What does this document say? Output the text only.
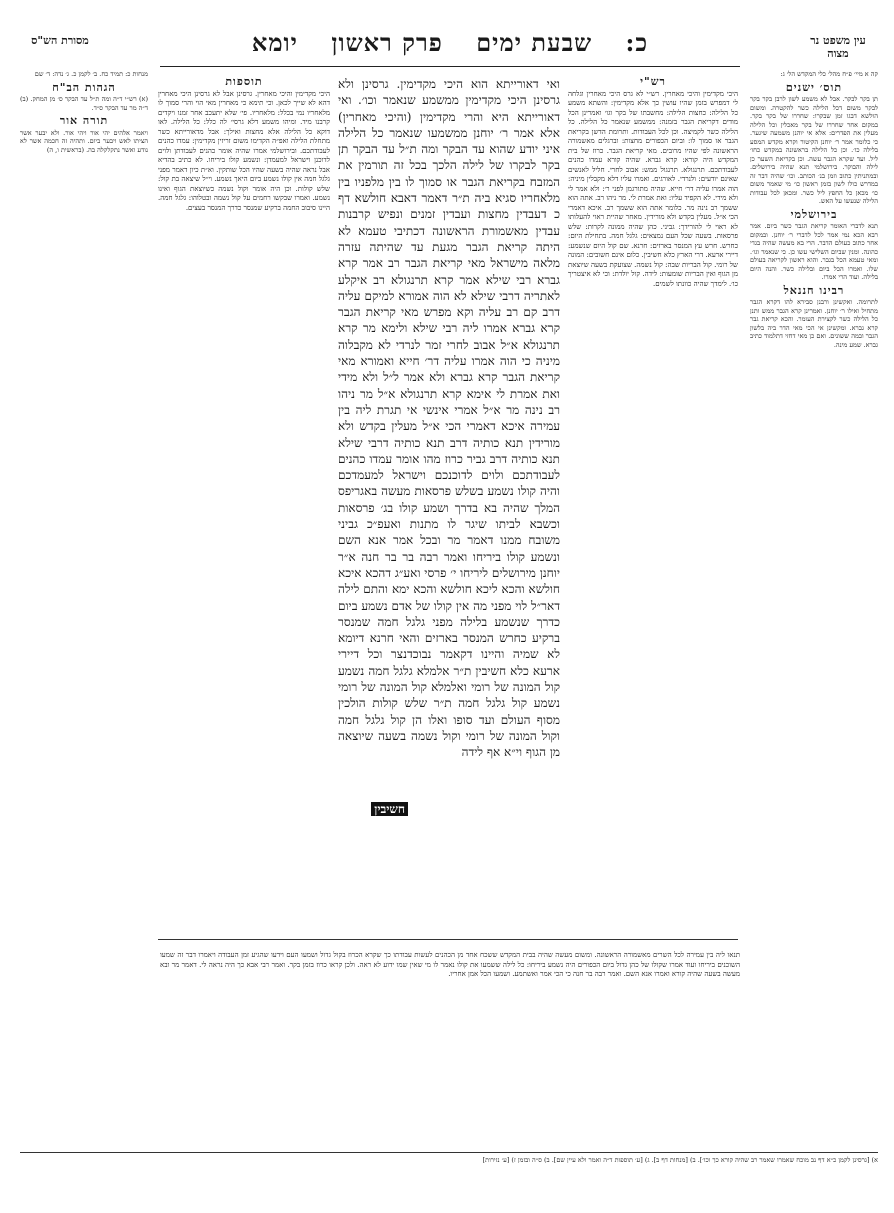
עין משפט נר מצוה
כ: שבעת ימים פרק ראשון יומא
מסורת הש"ס

קה א מיי׳ פ״ח מהל׳ כלי המקדש הל׳ ג:

תוס׳ ישנים

תן בקר לבקר. אבל לא משמע לשון לרבן בקר בקר לבקר משום דכל הלילה כשר להקטרה. ומשום הולשא דבגו זמן שבקרו: שחררו של בקר בקר. במקום אחר שחררו של בקר מאכלין וכל הלילה מעלין את הפדרים: אלא אי יוהנן משמעה שיגער. כי כלומר אמר ר׳ יוחנן הקיטור וקרא מקדש המסע בלילה כו׳. וכן כל הלילה בראשונה במקדש כחו׳ ליל. ועד שקרא הגבר עשה. וכן בקריאת השער כן לילה והבוקר. בירושלמי תנא שהיה בירושלים. ובמתניתין כתוב וזמן בנ׳ הכותב. וכו׳ שהיה דבר זה במדרש כולו לשון בזמן ראשון כו׳ מי שאמר משום כו׳ מכאן כל החפץ ליל כשר. ומכאן לכל עבודות הלילה שנעשו על האש.

בירושלמי

תנא לדברי האומר קריאת הגבר כשר ביום. אמר רבא הכא נמי אמר לכל לדברי ר׳ יוחנן. ובמקום אחר כתוב כעולם הדבר. הרי בא מעשה שהיה בגדי כהונה. ומנין שביום השלישי עשו כן. כי שנאמר וגו׳. ומאי טעמא הכל בגבר. והוא ראשון לקריאה בעולם שלו. ואמרו הכל ביום ובלילה כשר. והנה היום בלילה. ועוד הרי אמרו.

רבינו חננאל

לתרומה. ואקשינן ורבנן סבירא להו דקרא הגבר מתחיל ואילו ר׳ יוחנן. ואמרינן קרא הגבר ממש ותנן כל הלילה כשר לקצירת העומר. והכא קריאת גבר קרא גברא. ומקשינן אי הכי מאי הדר ביה בלשון הגבר ובמה ששונים. ואם כן מאי דחזי דתלמוד כתיב גברא. שמע מינה.

רש"י

היכי מקדימין והיכי מאחרין. רש״י לא גרס היכי מאחרין וגלחה לי דמפרש בזמן שהיו עושין כך אלא מקדימין: והשתא משמע כל הלילה: כחצות הלילה: מחשבתו של בקר וגו׳ ואמרינן הכל מודים דקריאת הגבר בזמנה: ממשמע שנאמר כל הלילה. כל הלילה כשר לקמיצה. וכן לכל העבודות. ותרומת הדשן בקריאת הגבר או סמוך לו: וביום הכפורים מחצות: וברגלים מאשמורה הראשונה לפי שהיו מרובים. מאי קריאת הגבר. כרוז של בית המקדש היה קורא: קרא גברא. שהיה קורא עמדו כהנים לעבודתכם. תרנגולא. תרנגול ממש: אבוב לחרי. חליל לאנשים שאינם יודעים: ולנרדי. לאורגים. ואמרו עליו דלא מקבלין מיניה: הוה אמרו עליה דר׳ חייא. שהיה מתורגמן לפני ר׳: ולא אמר לי ולא מידי. לא הקפיד עליו: ואת אמרת לי. מר ניהו רב. אתה הוא ששמך רב נינה מר. כלומר אתה הוא ששמך רב. איכא דאמרי הכי א״ל. מעלין בקדש ולא מורידין. מאחר שהיית ראוי להעלותו לא ראוי לי להורידך: גביני. כהן שהיה ממונה לקרות: שלש פרסאות. בשעה שכל העם נמצאים: גלגל חמה. בתחילת היום: כחרש. חרש עץ המנסר בארזים: חרנא. שם קול היום שנשמע: דיירי ארעא. דרי הארץ כלא חשיבין. כלום אינם חשובים: המונה של רומי. קול הבריות שבה: קול נשמה. שצועקת בשעה שיוצאת מן הגוף ואין הבריות שומעות: לידה. קול יולדת: וכי לא איצטריך כו׳. לימדך שהיה כוונתו לשמים.

ואי דאורייתא הוא היכי מקדימין. גרסינן ולא גרסינן היכי מקדימין ממשמע שנאמר וכו׳. ואי דאורייתא היא והרי מקדימין (והיכי מאחרין) אלא אמר ר׳ יוחנן ממשמעו שנאמר כל הלילה איני יודע שהוא עד הבקר ומה ת״ל עד הבקר תן בקר לבקרו של לילה הלכך בכל זה תורמין את המזבח בקריאת הגבר או סמוך לו בין מלפניו בין מלאחריו סגיא ביה ת״ר דאמר דאבא חולשא דף כ דעבדין מחצות ועבדין זמנים ונפיש קרבנות עבדין מאשמורת הראשונה דכתיבי טעמא לא היתה קריאת הגבר מגעת עד שהיתה עזרה מלאה מישראל מאי קריאת הגבר רב אמר קרא גברא רבי שילא אמר קרא תרנגולא רב איקלע לאתריה דרבי שילא לא הוה אמורא למיקם עליה דרב קם רב עליה וקא מפרש מאי קריאת הגבר קרא גברא אמרו ליה רבי שילא ולימא מר קרא תרנגולא א״ל אבוב לחרי זמר לנרדי לא מקבלוה מיניה כי הוה אמרו עליה דר׳ חייא ואמורא מאי קריאת הגבר קרא גברא ולא אמר ל״ל ולא מידי ואת אמרת לי אימא קרא תרנגולא א״ל מר ניהו רב נינה מר א״ל אמרי אינשי אי תגרת ליה בין עמירה איכא דאמרי הכי א״ל מעלין בקדש ולא מורידין תנא כותיה דרב תנא כותיה דרבי שילא תנא כותיה דרב גביר כרוז מהו אומר עמדו כהנים לעבודתכם ולוים לדוכנכם וישראל למעמדכם והיה קולו נשמע בשלש פרסאות מעשה באגריפס המלך שהיה בא בדרך ושמע קולו בג׳ פרסאות וכשבא לביתו שיגר לו מתנות ואעפ״כ גביני משובח ממנו דאמר מר ובכל אמר אנא השם ונשמע קולו ביריחו ואמר רבה בר בר חנה א״ר יוחנן מירושלים ליריחו י׳ פרסי ואע״ג דהכא איכא חולשא והכא ליכא חולשא והכא ימא והתם לילה דאר״ל לוי מפני מה אין קולו של אדם נשמע ביום כדרך שנשמע בלילה מפני גלגל חמה שמנסר ברקיע כחרש המנסר בארזים והאי חרנא דיומא לא שמיה והיינו דקאמר נבוכדנצר וכל דיירי ארעא כלא חשיבין ת״ר אלמלא גלגל חמה נשמע קול המונה של רומי ואלמלא קול המונה של רומי נשמע קול גלגל חמה ת״ר שלש קולות הולכין מסוף העולם ועד סופו ואלו הן קול גלגל חמה וקול המונה של רומי וקול נשמה בשעה שיוצאה מן הגוף וי״א אף לידה

חשיבין
תוספות

היכי מקדימין והיכי מאחרין. גרסינן אבל לא גרסינן היכי מאחרין דהא לא שייך לכאן. וכי תימא כי מאחרין מאי הוי והרי סמוך לו מלאחריו נמי בכלל: מלאחריו. פי׳ שלא יתעכב אחר זמנו ויקדים קרבנו מיד. ומיהו משמע דלא גרסי׳ לה כלל: כל הלילה. לאו דוקא כל הלילה אלא מחצות ואילך: אבל מדאורייתא כשר מתחלת הלילה ואפ״ה הקדימו משום זריזין מקדימין: עמדו כהנים לעבודתכם. ובירושלמי אמרו שהיה אומר כהנים לעבודתן ולוים לדוכנן וישראל למעמדן: ונשמע קולו ביריחו. לא כתיב בהדיא אבל נראה שהיה בשעה שהיו הכל שותקין. וא״ת כיון דאמר מפני גלגל חמה אין קולו נשמע ביום היאך נשמע. וי״ל שיצאה בת קול: שלש קולות. וכן היה אומר וקול נשמה כשיוצאת הגוף ואינו נשמע. ואמרו שבקשו רחמים על קול נשמה ובטלוהו: גלגל חמה. היינו סיבוב החמה ברקיע שמנסר כדרך המנסר בעצים.

מנחות כ: תמיד כח. ב׳ לקמן כ. ג׳ נדה: ד׳ שם

הגהות הב"ח

(א) רש״י ד״ה ומה ת״ל עד הבקר ס׳ מן המחק. (ב) ד״ה מר עד הבקר ס״ד.

תורה אור

ויאמר אלהים יהי אור ויהי אור. ולא יבער אשר הציתו לאש ויבער ביום. ותהיה זה חכמה אשר לא נודע ואשר נתקלקלה בה. (בראשית ו, ה)

תנאו ליה בין עמירה לכל השרים מאשמורה הראשונה. ומשום מעשה שהיה בבית המקדש ששכח אחד מן הכהנים לעשות עבודתו כך שקרא הכרוז בקול גדול ושמעו העם וידעו שהגיע זמן העבודה ויאמרו דבר זה שמעו השוכנים ביריחו ועוד אמרו שקולו של כהן גדול ביום הכפורים היה נשמע ביריחו: כל לילה ששמעו את קולו נאמר לו מי שאין שמו ידוע לא ראה. ולכן קראו כרוז בזמן בקר. ואמר רבי אבא כך היה נראה לי. דאמר מר ובא מעשה בשעה שהיה קורא ואמרו אנא השם. ואמר רבה בר חנה כי הכי אמר ואשתמע. ושמעו הכל אמן אחריו.

א) [גרסינן לקמן כ״א דף נב מוכח שאמרו שאמר רב שהיה קורא כך וכו׳]. ב) [מנחות דף ב]. ג) [ע׳ תוספות ד״ה ואמר ולא עיין שם]. ב) ס״ה ובזמן ז) [ע׳ נזירות]
